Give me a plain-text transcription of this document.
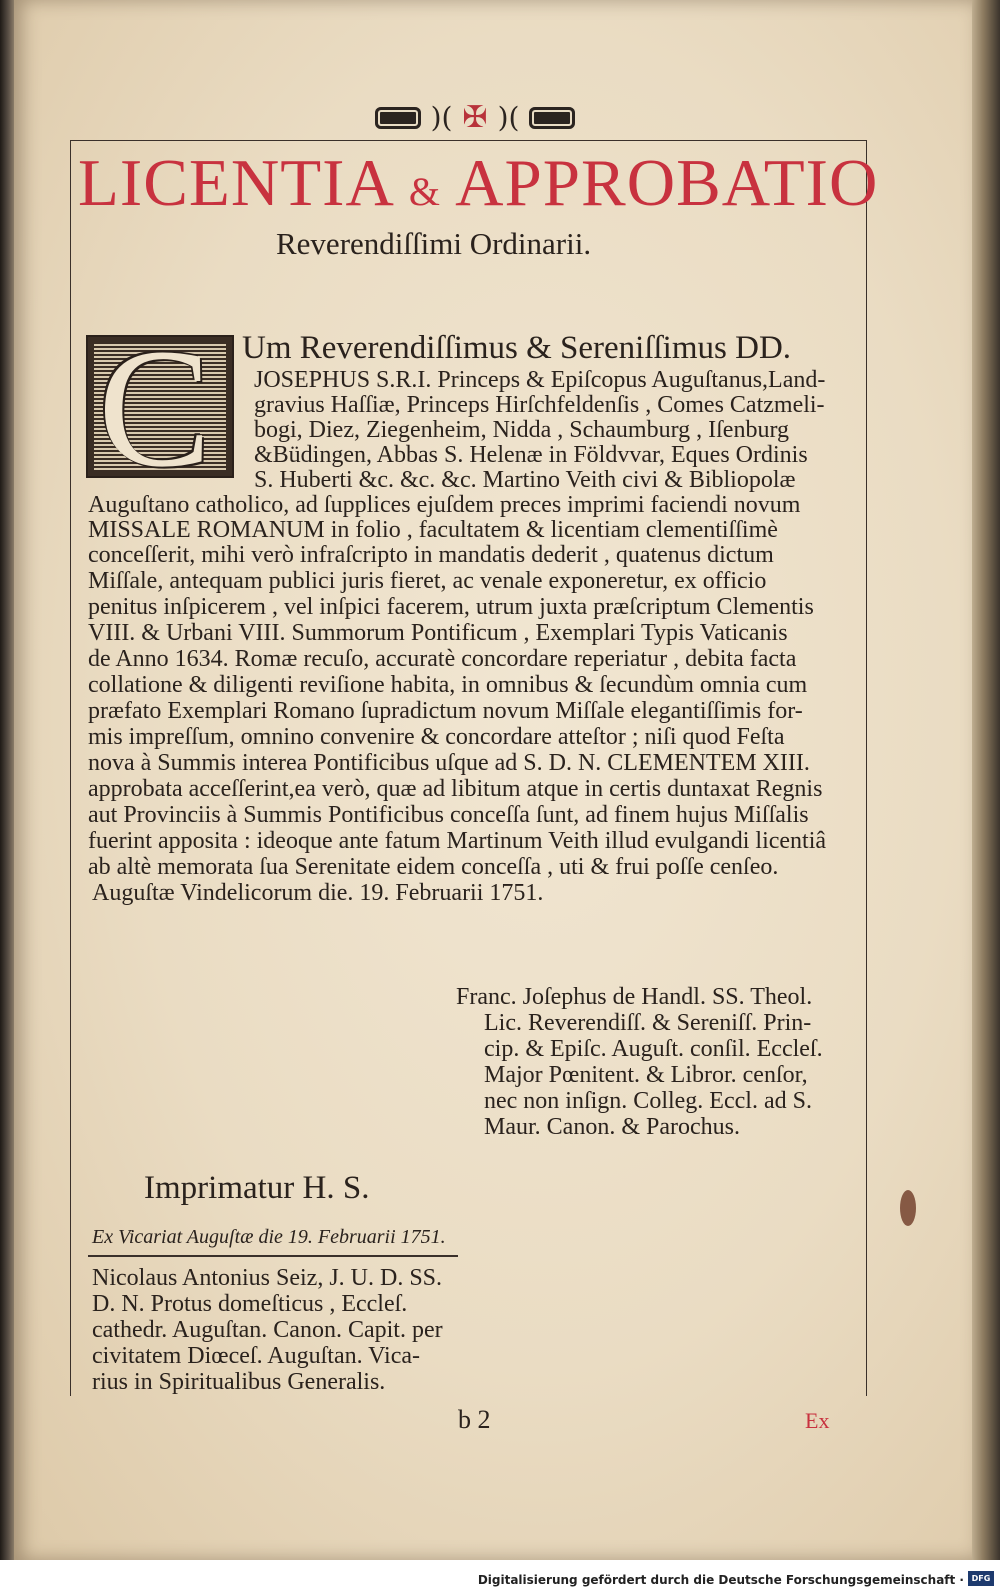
)( ✠ )(
LICENTIA & APPROBATIO
Reverendiſſimi Ordinarii.
C Um Reverendiſſimus & Sereniſſimus DD.
JOSEPHUS S.R.I. Princeps & Epiſcopus Auguſtanus,Land-
gravius Haſſiæ, Princeps Hirſchfeldenſis , Comes Catzmeli-
bogi, Diez, Ziegenheim, Nidda , Schaumburg , Iſenburg
&Büdingen, Abbas S. Helenæ in Földvvar, Eques Ordinis
S. Huberti &c. &c. &c. Martino Veith civi & Bibliopolæ
Auguſtano catholico, ad ſupplices ejuſdem preces imprimi faciendi novum
MISSALE ROMANUM in folio , facultatem & licentiam clementiſſimè
conceſſerit, mihi verò infraſcripto in mandatis dederit , quatenus dictum
Miſſale, antequam publici juris fieret, ac venale exponeretur, ex officio
penitus inſpicerem , vel inſpici facerem, utrum juxta præſcriptum Clementis
VIII. & Urbani VIII. Summorum Pontificum , Exemplari Typis Vaticanis
de Anno 1634. Romæ recuſo, accuratè concordare reperiatur , debita facta
collatione & diligenti reviſione habita, in omnibus & ſecundùm omnia cum
præfato Exemplari Romano ſupradictum novum Miſſale elegantiſſimis for-
mis impreſſum, omnino convenire & concordare atteſtor ; niſi quod Feſta
nova à Summis interea Pontificibus uſque ad S. D. N. CLEMENTEM XIII.
approbata acceſſerint,ea verò, quæ ad libitum atque in certis duntaxat Regnis
aut Provinciis à Summis Pontificibus conceſſa ſunt, ad finem hujus Miſſalis
fuerint apposita : ideoque ante fatum Martinum Veith illud evulgandi licentiâ
ab altè memorata ſua Serenitate eidem conceſſa , uti & frui poſſe cenſeo.
Auguſtæ Vindelicorum die. 19. Februarii 1751.
Franc. Joſephus de Handl. SS. Theol.
Lic. Reverendiſſ. & Sereniſſ. Prin-
cip. & Epiſc. Auguſt. conſil. Eccleſ.
Major Pœnitent. & Libror. cenſor,
nec non inſign. Colleg. Eccl. ad S.
Maur. Canon. & Parochus.
Imprimatur H. S.
Ex Vicariat Auguſtæ die 19. Februarii 1751.
Nicolaus Antonius Seiz, J. U. D. SS.
D. N. Protus domeſticus , Eccleſ.
cathedr. Auguſtan. Canon. Capit. per
civitatem Diœceſ. Auguſtan. Vica-
rius in Spiritualibus Generalis.
b 2	Ex
Digitalisierung gefördert durch die Deutsche Forschungsgemeinschaft · DFG
